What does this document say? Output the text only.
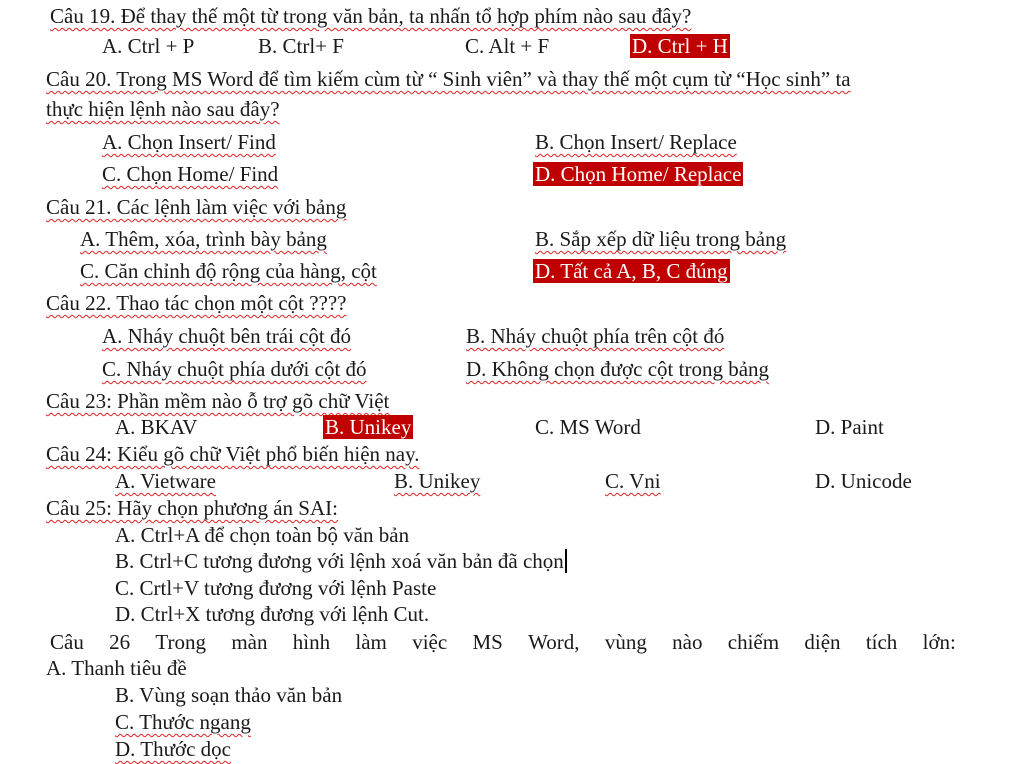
Câu 19. Để thay thế một từ trong văn bản, ta nhấn tổ hợp phím nào sau đây?
A. Ctrl + P	B. Ctrl+ F	C. Alt + F	D. Ctrl + H
Câu 20. Trong MS Word để tìm kiếm cùm từ “ Sinh viên” và thay thế một cụm từ “Học sinh” ta
thực hiện lệnh nào sau đây?
A. Chọn Insert/ Find	B. Chọn Insert/ Replace
C. Chọn Home/ Find	D. Chọn Home/ Replace
Câu 21. Các lệnh làm việc với bảng
A. Thêm, xóa, trình bày bảng	B. Sắp xếp dữ liệu trong bảng
C. Căn chỉnh độ rộng của hàng, cột	D. Tất cả A, B, C đúng
Câu 22. Thao tác chọn một cột ????
A. Nháy chuột bên trái cột đó	B. Nháy chuột phía trên cột đó
C. Nháy chuột phía dưới cột đó	D. Không chọn được cột trong bảng
Câu 23: Phần mềm nào ỗ trợ gõ chữ Việt
A. BKAV	B. Unikey	C. MS Word	D. Paint
Câu 24: Kiểu gõ chữ Việt phổ biến hiện nay.
A. Vietware	B. Unikey	C. Vni	D. Unicode
Câu 25: Hãy chọn phương án SAI:
A. Ctrl+A để chọn toàn bộ văn bản
B. Ctrl+C tương đương với lệnh xoá văn bản đã chọn
C. Crtl+V tương đương với lệnh Paste
D. Ctrl+X tương đương với lệnh Cut.
Câu 26 Trong màn hình làm việc MS Word, vùng nào chiếm diện tích lớn:
A. Thanh tiêu đề
B. Vùng soạn thảo văn bản
C. Thước ngang
D. Thước dọc
